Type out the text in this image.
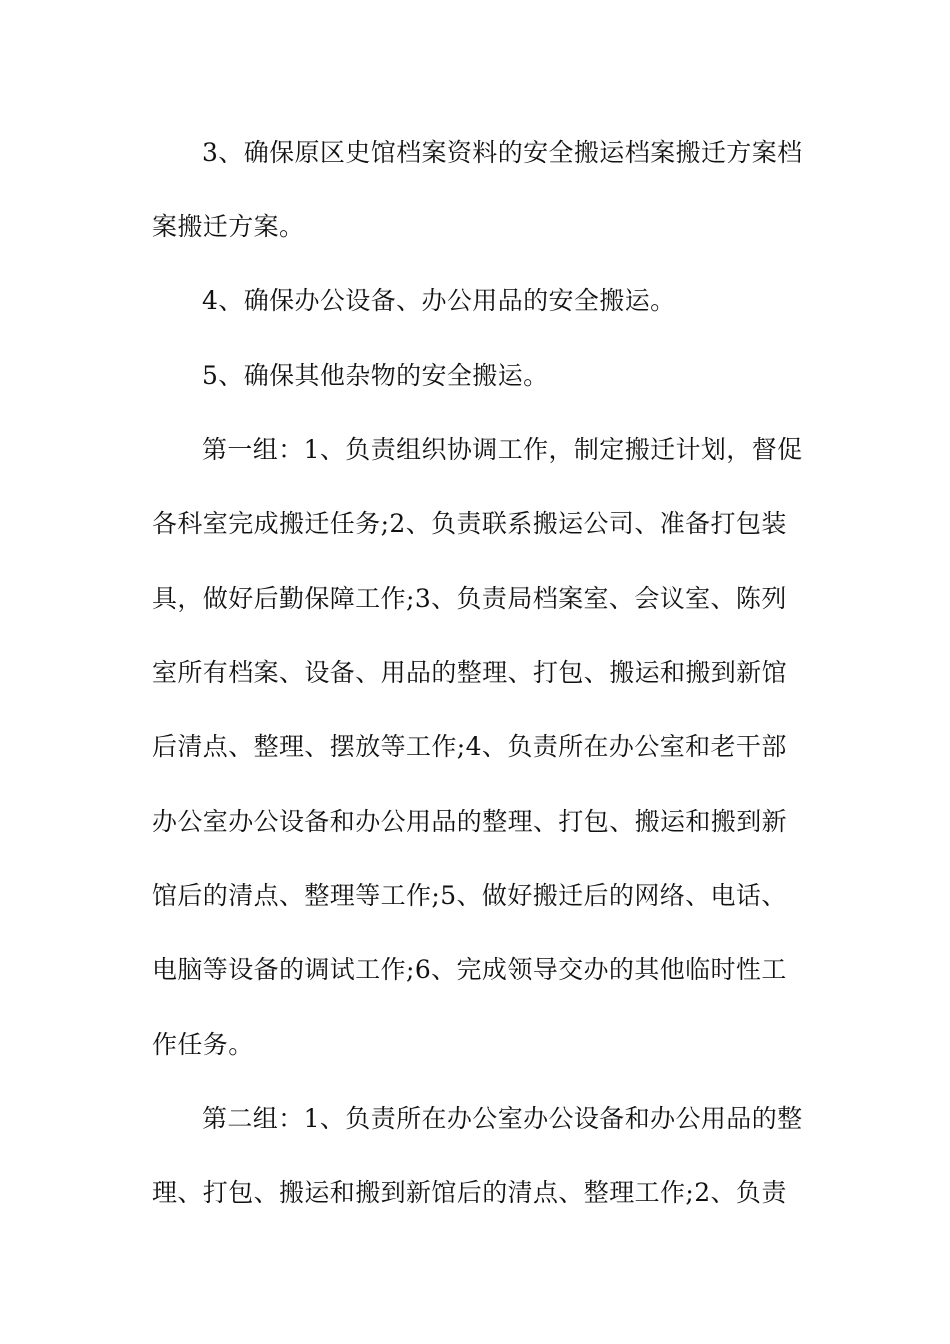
3、确保原区史馆档案资料的安全搬运档案搬迁方案档

案搬迁方案。

4、确保办公设备、办公用品的安全搬运。

5、确保其他杂物的安全搬运。

第一组：1、负责组织协调工作，制定搬迁计划，督促

各科室完成搬迁任务;2、负责联系搬运公司、准备打包装

具，做好后勤保障工作;3、负责局档案室、会议室、陈列

室所有档案、设备、用品的整理、打包、搬运和搬到新馆

后清点、整理、摆放等工作;4、负责所在办公室和老干部

办公室办公设备和办公用品的整理、打包、搬运和搬到新

馆后的清点、整理等工作;5、做好搬迁后的网络、电话、

电脑等设备的调试工作;6、完成领导交办的其他临时性工

作任务。

第二组：1、负责所在办公室办公设备和办公用品的整

理、打包、搬运和搬到新馆后的清点、整理工作;2、负责
